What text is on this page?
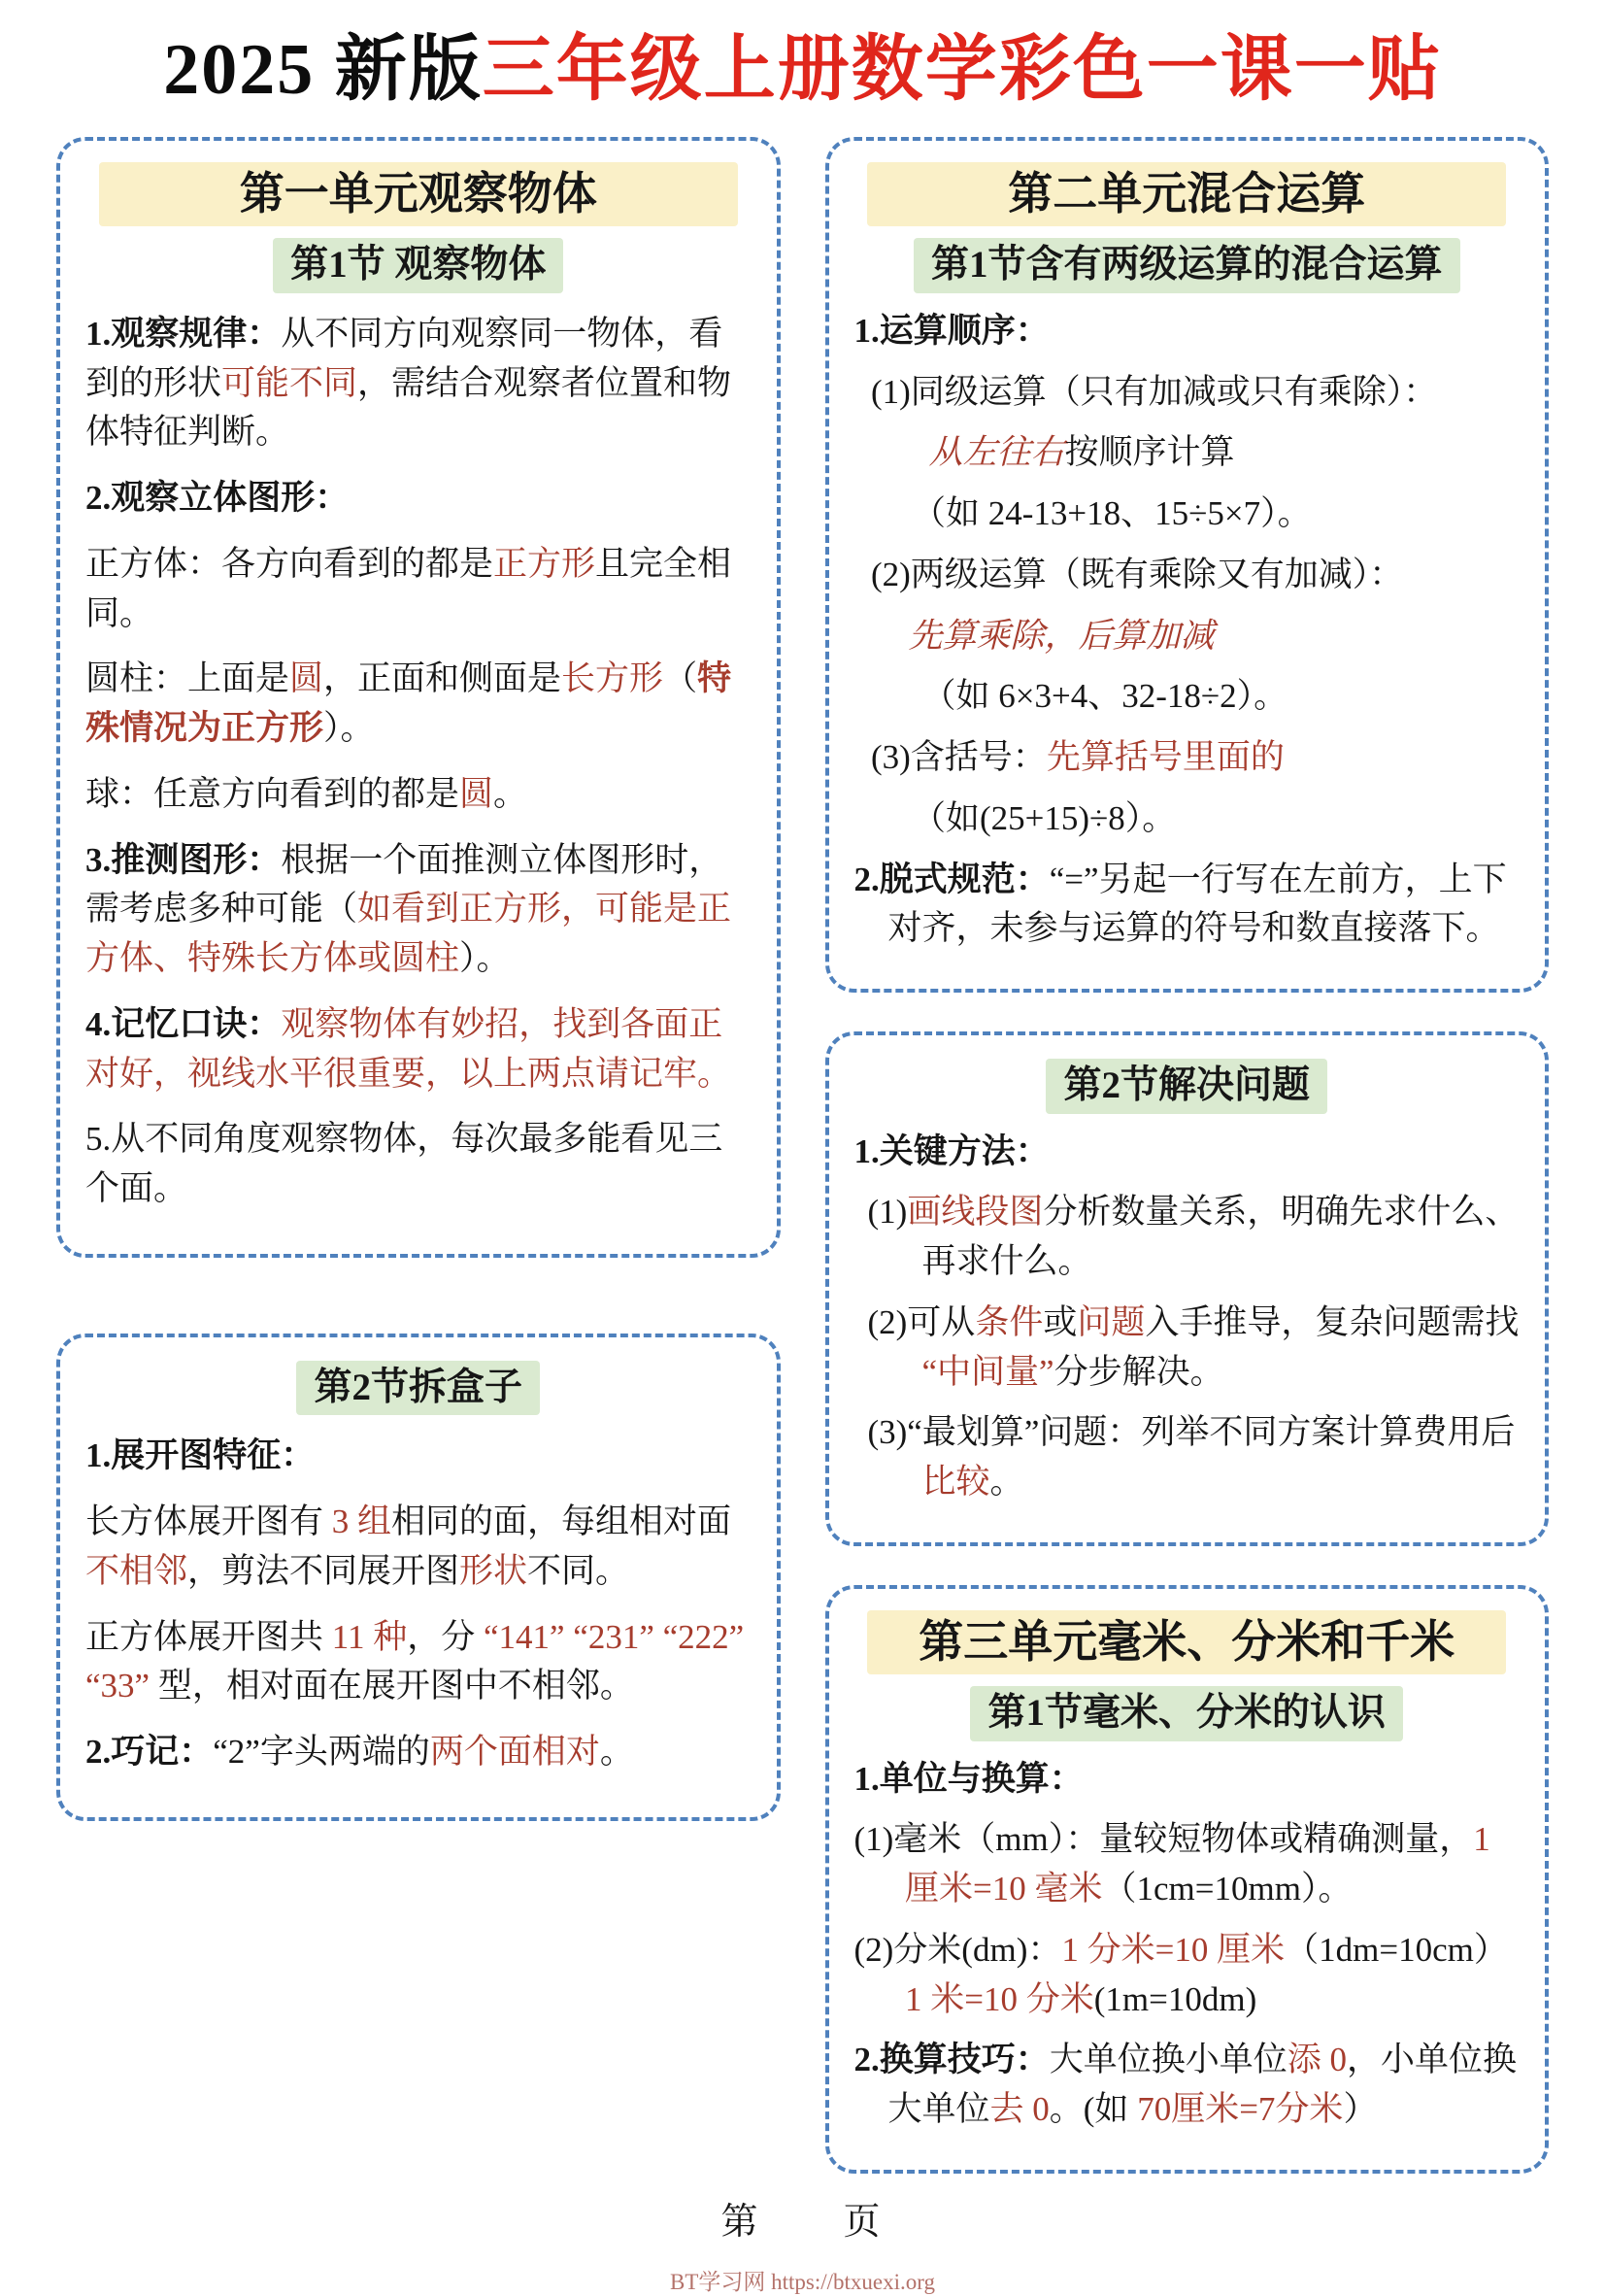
2025 新版三年级上册数学彩色一课一贴
第一单元观察物体
第1节 观察物体

1.观察规律：从不同方向观察同一物体，看到的形状可能不同，需结合观察者位置和物体特征判断。

2.观察立体图形：

正方体：各方向看到的都是正方形且完全相同。

圆柱：上面是圆，正面和侧面是长方形（特殊情况为正方形）。

球：任意方向看到的都是圆。

3.推测图形：根据一个面推测立体图形时，需考虑多种可能（如看到正方形，可能是正方体、特殊长方体或圆柱）。

4.记忆口诀：观察物体有妙招，找到各面正对好，视线水平很重要，以上两点请记牢。

5.从不同角度观察物体，每次最多能看见三个面。

第2节拆盒子

1.展开图特征：

长方体展开图有 3 组相同的面，每组相对面不相邻，剪法不同展开图形状不同。

正方体展开图共 11 种，分 “141” “231” “222” “33” 型，相对面在展开图中不相邻。

2.巧记：“2”字头两端的两个面相对。

第二单元混合运算
第1节含有两级运算的混合运算

1.运算顺序：

(1)同级运算（只有加减或只有乘除）：

从左往右按顺序计算

（如 24-13+18、15÷5×7）。

(2)两级运算（既有乘除又有加减）：

先算乘除，后算加减

（如 6×3+4、32-18÷2）。

(3)含括号：先算括号里面的

（如(25+15)÷8）。

2.脱式规范：“=”另起一行写在左前方，上下对齐，未参与运算的符号和数直接落下。

第2节解决问题

1.关键方法：

(1)画线段图分析数量关系，明确先求什么、再求什么。

(2)可从条件或问题入手推导，复杂问题需找“中间量”分步解决。

(3)“最划算”问题：列举不同方案计算费用后比较。

第三单元毫米、分米和千米
第1节毫米、分米的认识

1.单位与换算：

(1)毫米（mm）：量较短物体或精确测量，1 厘米=10 毫米（1cm=10mm）。

(2)分米(dm)：1 分米=10 厘米（1dm=10cm）1 米=10 分米(1m=10dm)

2.换算技巧：大单位换小单位添 0，小单位换大单位去 0。(如 70厘米=7分米）

第　　页
BT学习网 https://btxuexi.org
